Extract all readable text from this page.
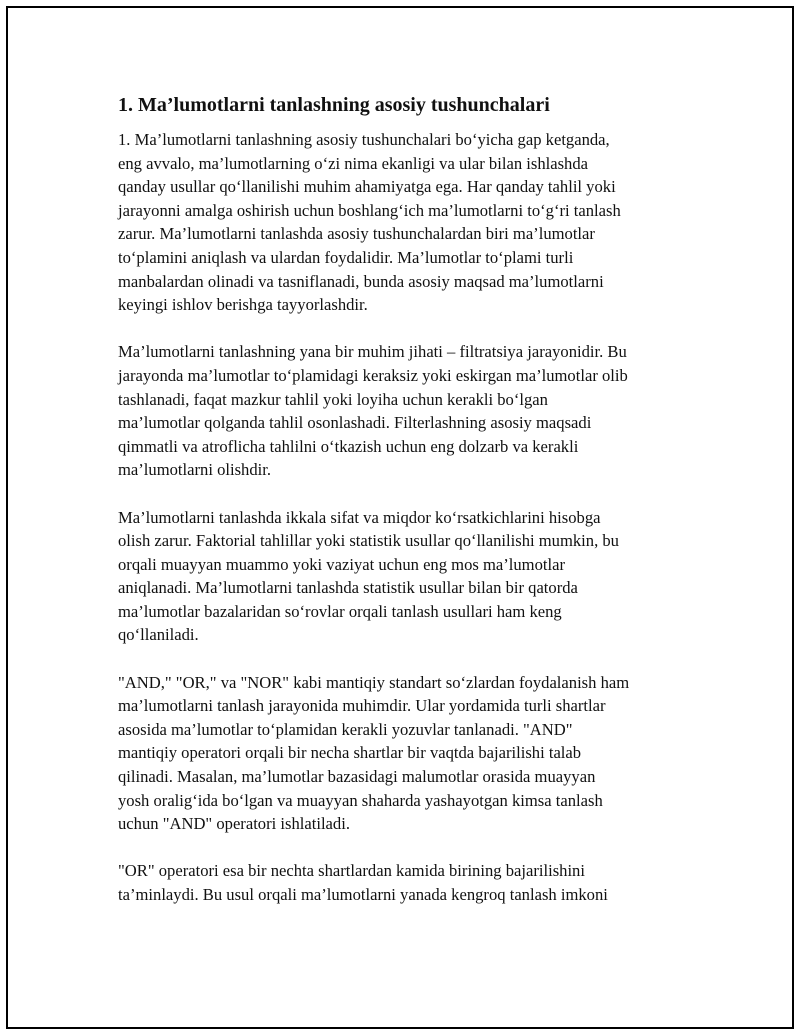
1. Ma’lumotlarni tanlashning asosiy tushunchalari
1. Ma’lumotlarni tanlashning asosiy tushunchalari bo‘yicha gap ketganda,
eng avvalo, ma’lumotlarning o‘zi nima ekanligi va ular bilan ishlashda
qanday usullar qo‘llanilishi muhim ahamiyatga ega. Har qanday tahlil yoki
jarayonni amalga oshirish uchun boshlang‘ich ma’lumotlarni to‘g‘ri tanlash
zarur. Ma’lumotlarni tanlashda asosiy tushunchalardan biri ma’lumotlar
to‘plamini aniqlash va ulardan foydalidir. Ma’lumotlar to‘plami turli
manbalardan olinadi va tasniflanadi, bunda asosiy maqsad ma’lumotlarni
keyingi ishlov berishga tayyorlashdir.
Ma’lumotlarni tanlashning yana bir muhim jihati – filtratsiya jarayonidir. Bu
jarayonda ma’lumotlar to‘plamidagi keraksiz yoki eskirgan ma’lumotlar olib
tashlanadi, faqat mazkur tahlil yoki loyiha uchun kerakli bo‘lgan
ma’lumotlar qolganda tahlil osonlashadi. Filterlashning asosiy maqsadi
qimmatli va atroflicha tahlilni o‘tkazish uchun eng dolzarb va kerakli
ma’lumotlarni olishdir.
Ma’lumotlarni tanlashda ikkala sifat va miqdor ko‘rsatkichlarini hisobga
olish zarur. Faktorial tahlillar yoki statistik usullar qo‘llanilishi mumkin, bu
orqali muayyan muammo yoki vaziyat uchun eng mos ma’lumotlar
aniqlanadi. Ma’lumotlarni tanlashda statistik usullar bilan bir qatorda
ma’lumotlar bazalaridan so‘rovlar orqali tanlash usullari ham keng
qo‘llaniladi.
"AND," "OR," va "NOR" kabi mantiqiy standart so‘zlardan foydalanish ham
ma’lumotlarni tanlash jarayonida muhimdir. Ular yordamida turli shartlar
asosida ma’lumotlar to‘plamidan kerakli yozuvlar tanlanadi. "AND"
mantiqiy operatori orqali bir necha shartlar bir vaqtda bajarilishi talab
qilinadi. Masalan, ma’lumotlar bazasidagi malumotlar orasida muayyan
yosh oralig‘ida bo‘lgan va muayyan shaharda yashayotgan kimsa tanlash
uchun "AND" operatori ishlatiladi.
"OR" operatori esa bir nechta shartlardan kamida birining bajarilishini
ta’minlaydi. Bu usul orqali ma’lumotlarni yanada kengroq tanlash imkoni
